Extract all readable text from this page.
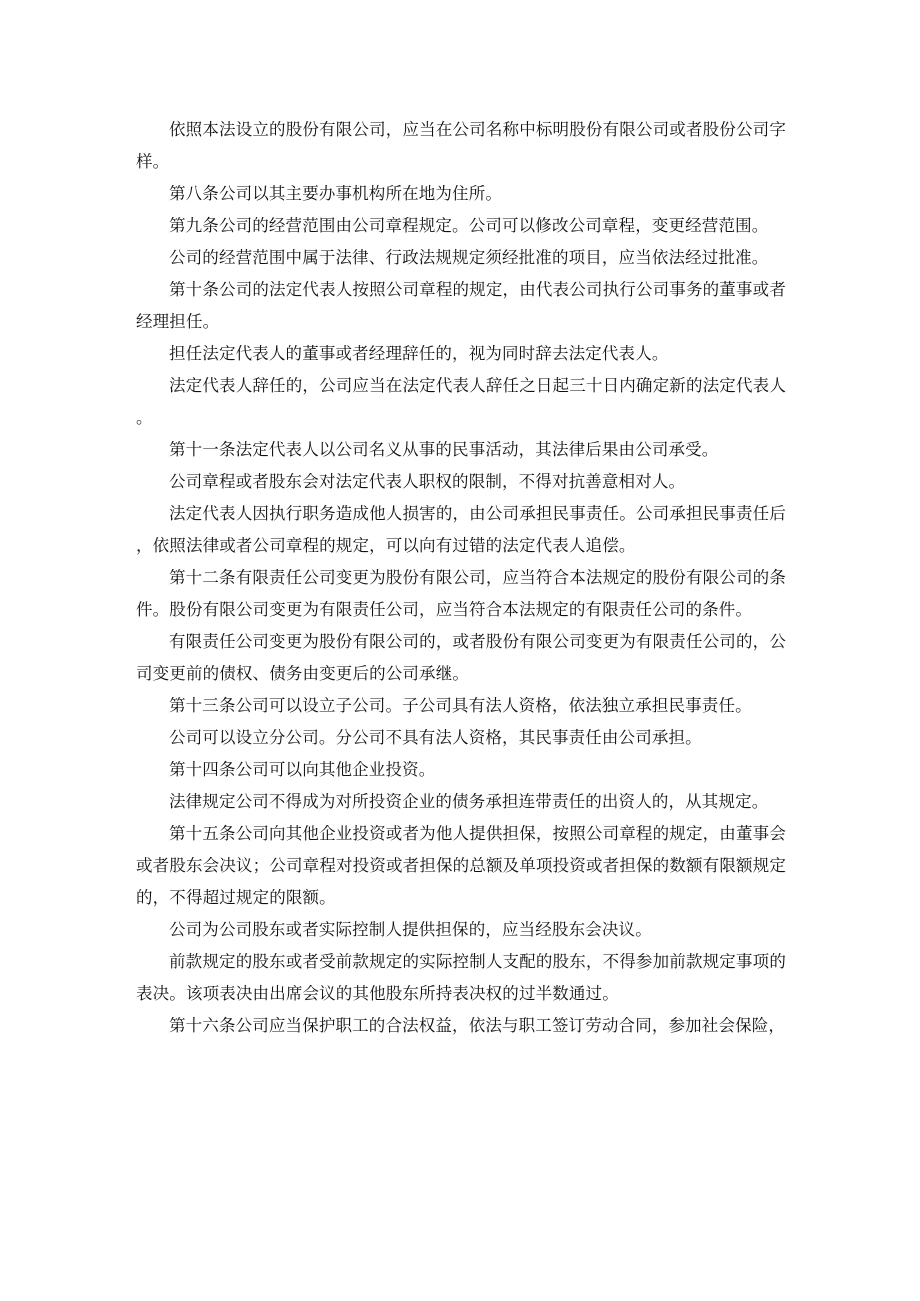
依照本法设立的股份有限公司，应当在公司名称中标明股份有限公司或者股份公司字样。

第八条公司以其主要办事机构所在地为住所。

第九条公司的经营范围由公司章程规定。公司可以修改公司章程，变更经营范围。

公司的经营范围中属于法律、行政法规规定须经批准的项目，应当依法经过批准。

第十条公司的法定代表人按照公司章程的规定，由代表公司执行公司事务的董事或者经理担任。

担任法定代表人的董事或者经理辞任的，视为同时辞去法定代表人。

法定代表人辞任的，公司应当在法定代表人辞任之日起三十日内确定新的法定代表人。

第十一条法定代表人以公司名义从事的民事活动，其法律后果由公司承受。

公司章程或者股东会对法定代表人职权的限制，不得对抗善意相对人。

法定代表人因执行职务造成他人损害的，由公司承担民事责任。公司承担民事责任后，依照法律或者公司章程的规定，可以向有过错的法定代表人追偿。

第十二条有限责任公司变更为股份有限公司，应当符合本法规定的股份有限公司的条件。股份有限公司变更为有限责任公司，应当符合本法规定的有限责任公司的条件。

有限责任公司变更为股份有限公司的，或者股份有限公司变更为有限责任公司的，公司变更前的债权、债务由变更后的公司承继。

第十三条公司可以设立子公司。子公司具有法人资格，依法独立承担民事责任。

公司可以设立分公司。分公司不具有法人资格，其民事责任由公司承担。

第十四条公司可以向其他企业投资。

法律规定公司不得成为对所投资企业的债务承担连带责任的出资人的，从其规定。

第十五条公司向其他企业投资或者为他人提供担保，按照公司章程的规定，由董事会或者股东会决议；公司章程对投资或者担保的总额及单项投资或者担保的数额有限额规定的，不得超过规定的限额。

公司为公司股东或者实际控制人提供担保的，应当经股东会决议。

前款规定的股东或者受前款规定的实际控制人支配的股东，不得参加前款规定事项的表决。该项表决由出席会议的其他股东所持表决权的过半数通过。

第十六条公司应当保护职工的合法权益，依法与职工签订劳动合同，参加社会保险，
